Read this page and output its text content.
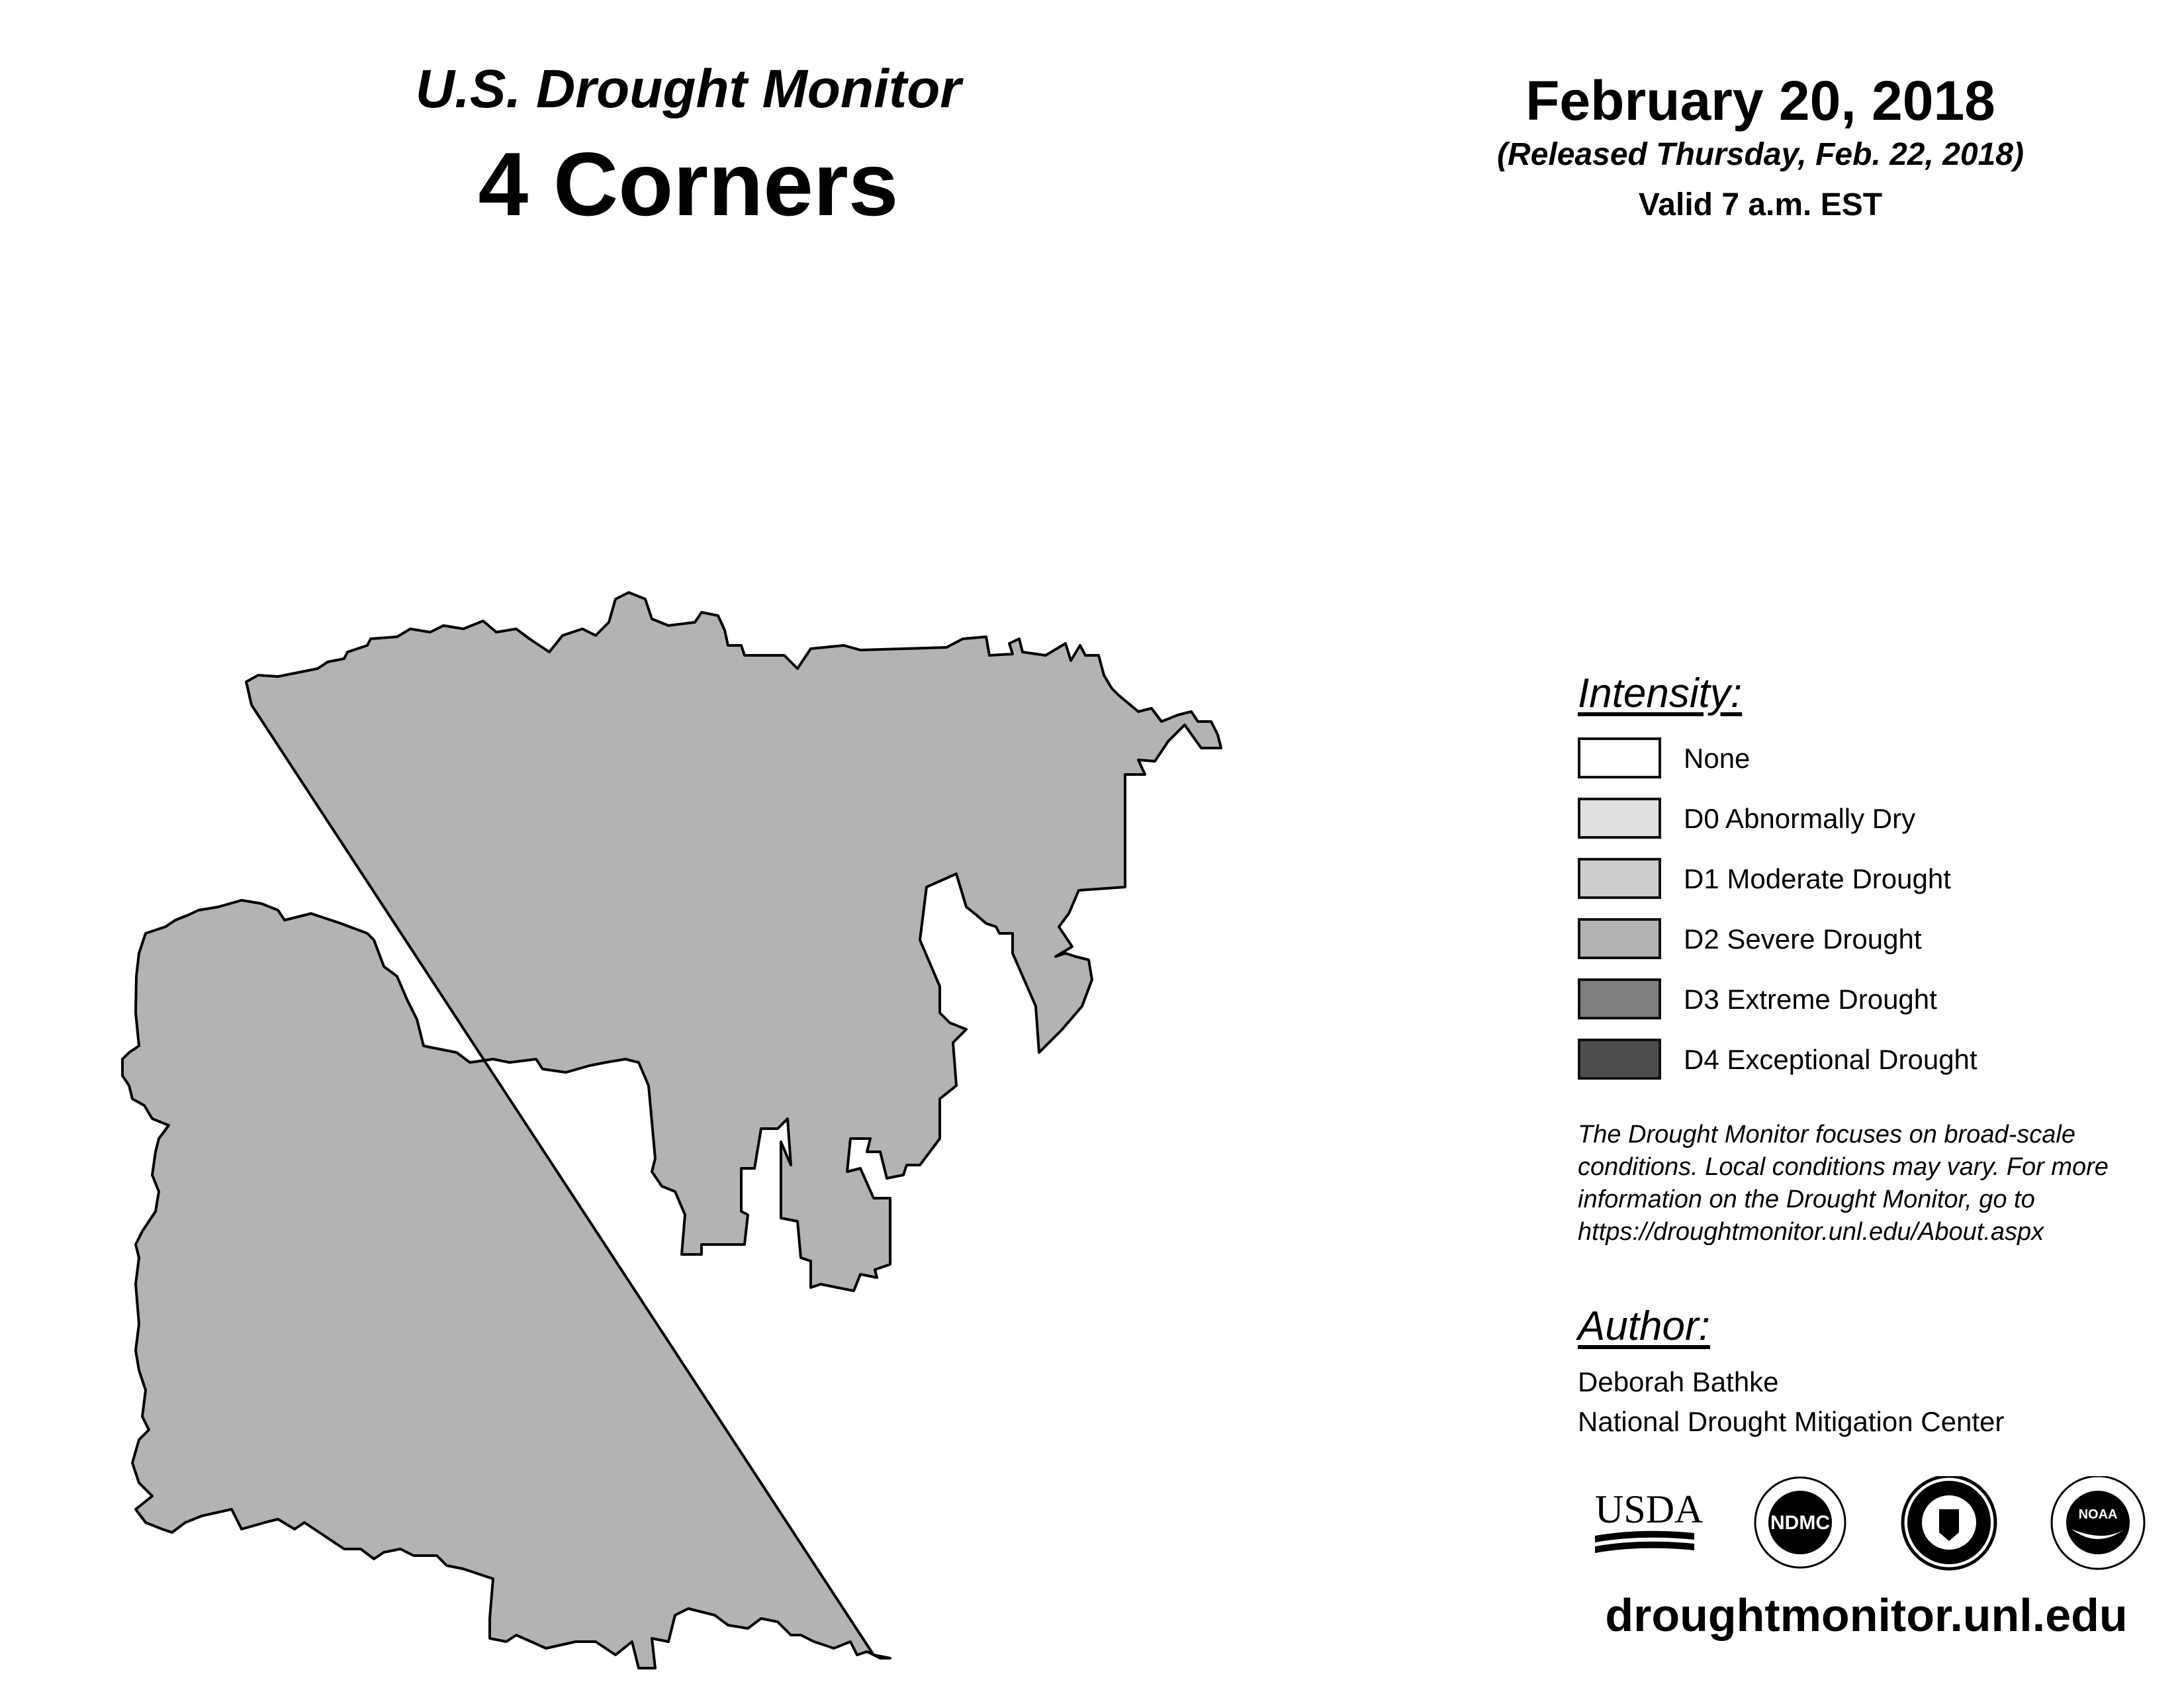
U.S. Drought Monitor
4 Corners
February 20, 2018
(Released Thursday, Feb. 22, 2018)
Valid 7 a.m. EST
Intensity:
None
D0 Abnormally Dry
D1 Moderate Drought
D2 Severe Drought
D3 Extreme Drought
D4 Exceptional Drought
The Drought Monitor focuses on broad-scale conditions. Local conditions may vary. For more information on the Drought Monitor, go to https://droughtmonitor.unl.edu/About.aspx
Author:
Deborah Bathke
National Drought Mitigation Center
USDA	NDMC	NOAA
droughtmonitor.unl.edu
